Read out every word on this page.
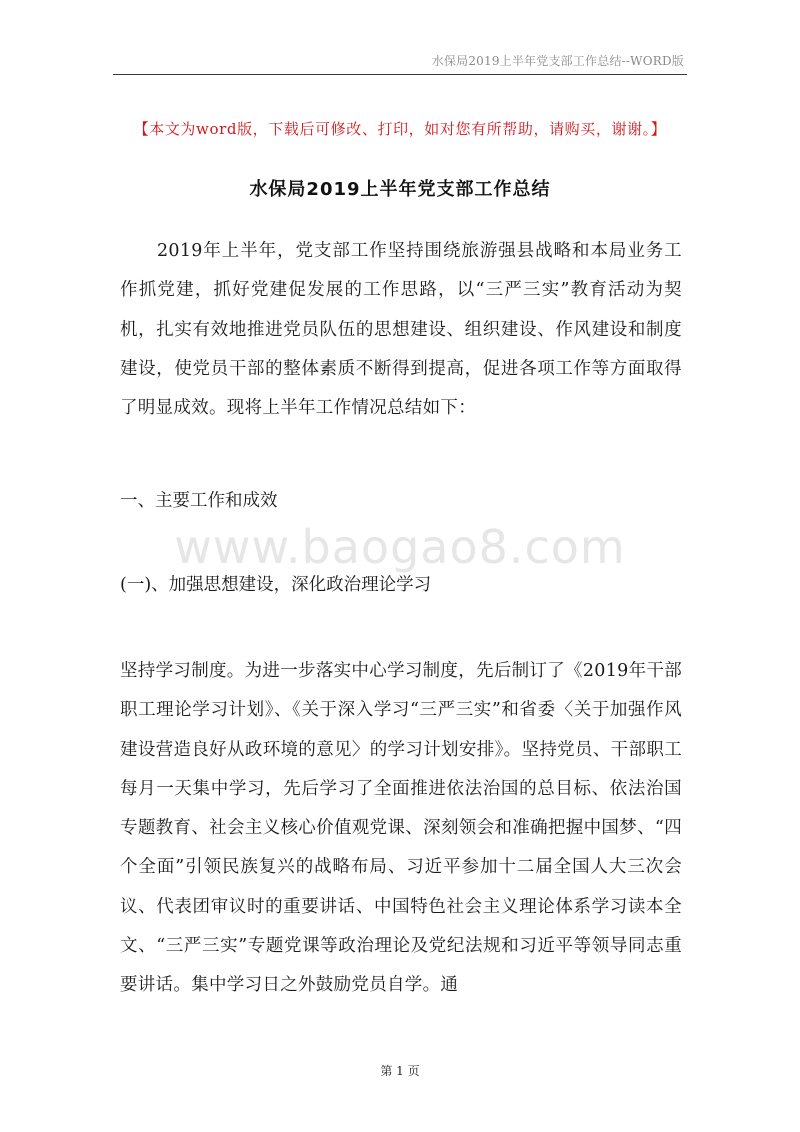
水保局2019上半年党支部工作总结--WORD版
【本文为word版，下载后可修改、打印，如对您有所帮助，请购买，谢谢。】
水保局2019上半年党支部工作总结

2019年上半年，党支部工作坚持围绕旅游强县战略和本局业务工作抓党建，抓好党建促发展的工作思路，以“三严三实”教育活动为契机，扎实有效地推进党员队伍的思想建设、组织建设、作风建设和制度建设，使党员干部的整体素质不断得到提高，促进各项工作等方面取得了明显成效。现将上半年工作情况总结如下：

一、主要工作和成效

www.baogao8.com

(一)、加强思想建设，深化政治理论学习

坚持学习制度。为进一步落实中心学习制度，先后制订了《2019年干部职工理论学习计划》、《关于深入学习“三严三实”和省委〈关于加强作风建设营造良好从政环境的意见〉的学习计划安排》。坚持党员、干部职工每月一天集中学习，先后学习了全面推进依法治国的总目标、依法治国专题教育、社会主义核心价值观党课、深刻领会和准确把握中国梦、“四个全面”引领民族复兴的战略布局、习近平参加十二届全国人大三次会议、代表团审议时的重要讲话、中国特色社会主义理论体系学习读本全文、“三严三实”专题党课等政治理论及党纪法规和习近平等领导同志重要讲话。集中学习日之外鼓励党员自学。通

第 1 页
